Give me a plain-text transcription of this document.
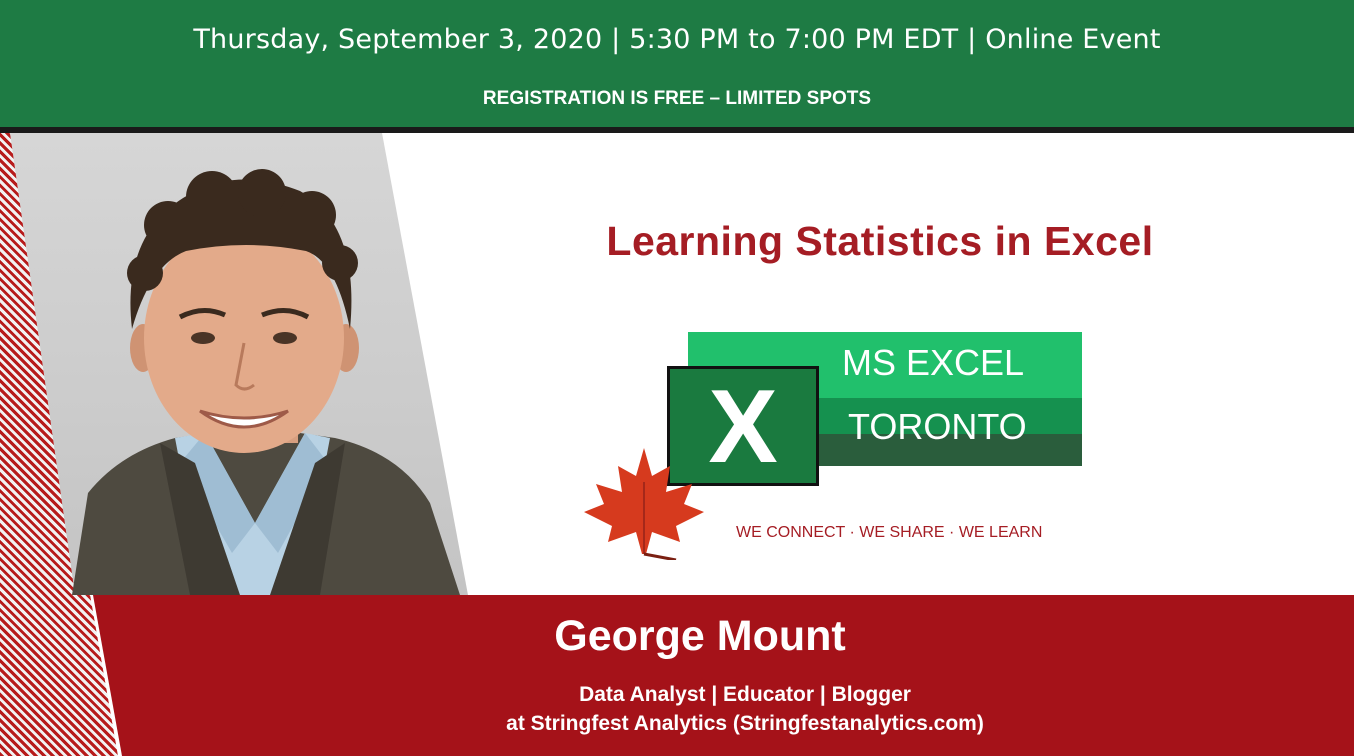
Thursday, September 3, 2020 | 5:30 PM to 7:00 PM EDT | Online Event
REGISTRATION IS FREE – LIMITED SPOTS
Learning Statistics in Excel
MS EXCEL
TORONTO
X
WE CONNECT · WE SHARE · WE LEARN
George Mount
Data Analyst | Educator | Blogger
at Stringfest Analytics (Stringfestanalytics.com)
